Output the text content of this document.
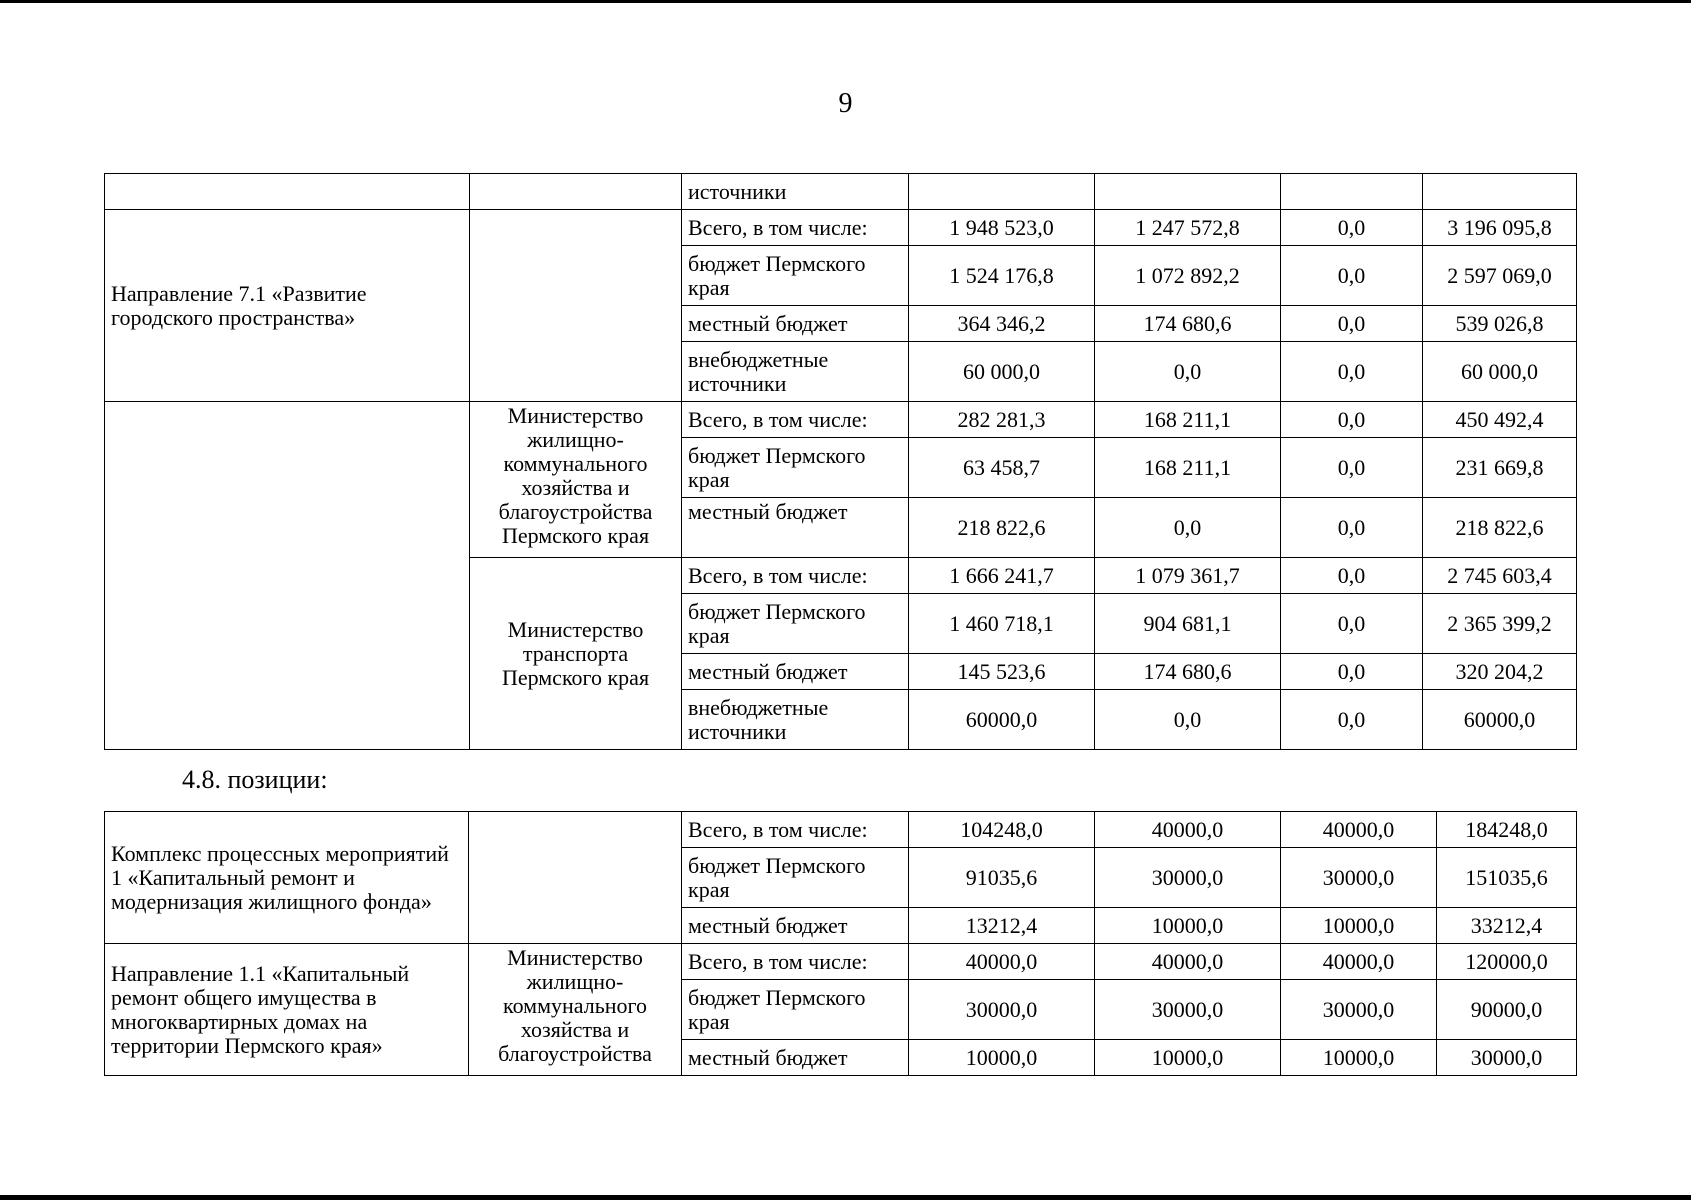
9
		источники				
Направление 7.1 «Развитие городского пространства»		Всего, в том числе:	1 948 523,0	1 247 572,8	0,0	3 196 095,8
		бюджет Пермского края	1 524 176,8	1 072 892,2	0,0	2 597 069,0
		местный бюджет	364 346,2	174 680,6	0,0	539 026,8
		внебюджетные источники	60 000,0	0,0	0,0	60 000,0
	Министерство жилищно-коммунального хозяйства и благоустройства Пермского края	Всего, в том числе:	282 281,3	168 211,1	0,0	450 492,4
		бюджет Пермского края	63 458,7	168 211,1	0,0	231 669,8
		местный бюджет	218 822,6	0,0	0,0	218 822,6
	Министерство транспорта Пермского края	Всего, в том числе:	1 666 241,7	1 079 361,7	0,0	2 745 603,4
		бюджет Пермского края	1 460 718,1	904 681,1	0,0	2 365 399,2
		местный бюджет	145 523,6	174 680,6	0,0	320 204,2
		внебюджетные источники	60000,0	0,0	0,0	60000,0
4.8. позиции:
Комплекс процессных мероприятий 1 «Капитальный ремонт и модернизация жилищного фонда»		Всего, в том числе:	104248,0	40000,0	40000,0	184248,0
		бюджет Пермского края	91035,6	30000,0	30000,0	151035,6
		местный бюджет	13212,4	10000,0	10000,0	33212,4
Направление 1.1 «Капитальный ремонт общего имущества в многоквартирных домах на территории Пермского края»	Министерство жилищно-коммунального хозяйства и благоустройства	Всего, в том числе:	40000,0	40000,0	40000,0	120000,0
		бюджет Пермского края	30000,0	30000,0	30000,0	90000,0
		местный бюджет	10000,0	10000,0	10000,0	30000,0
